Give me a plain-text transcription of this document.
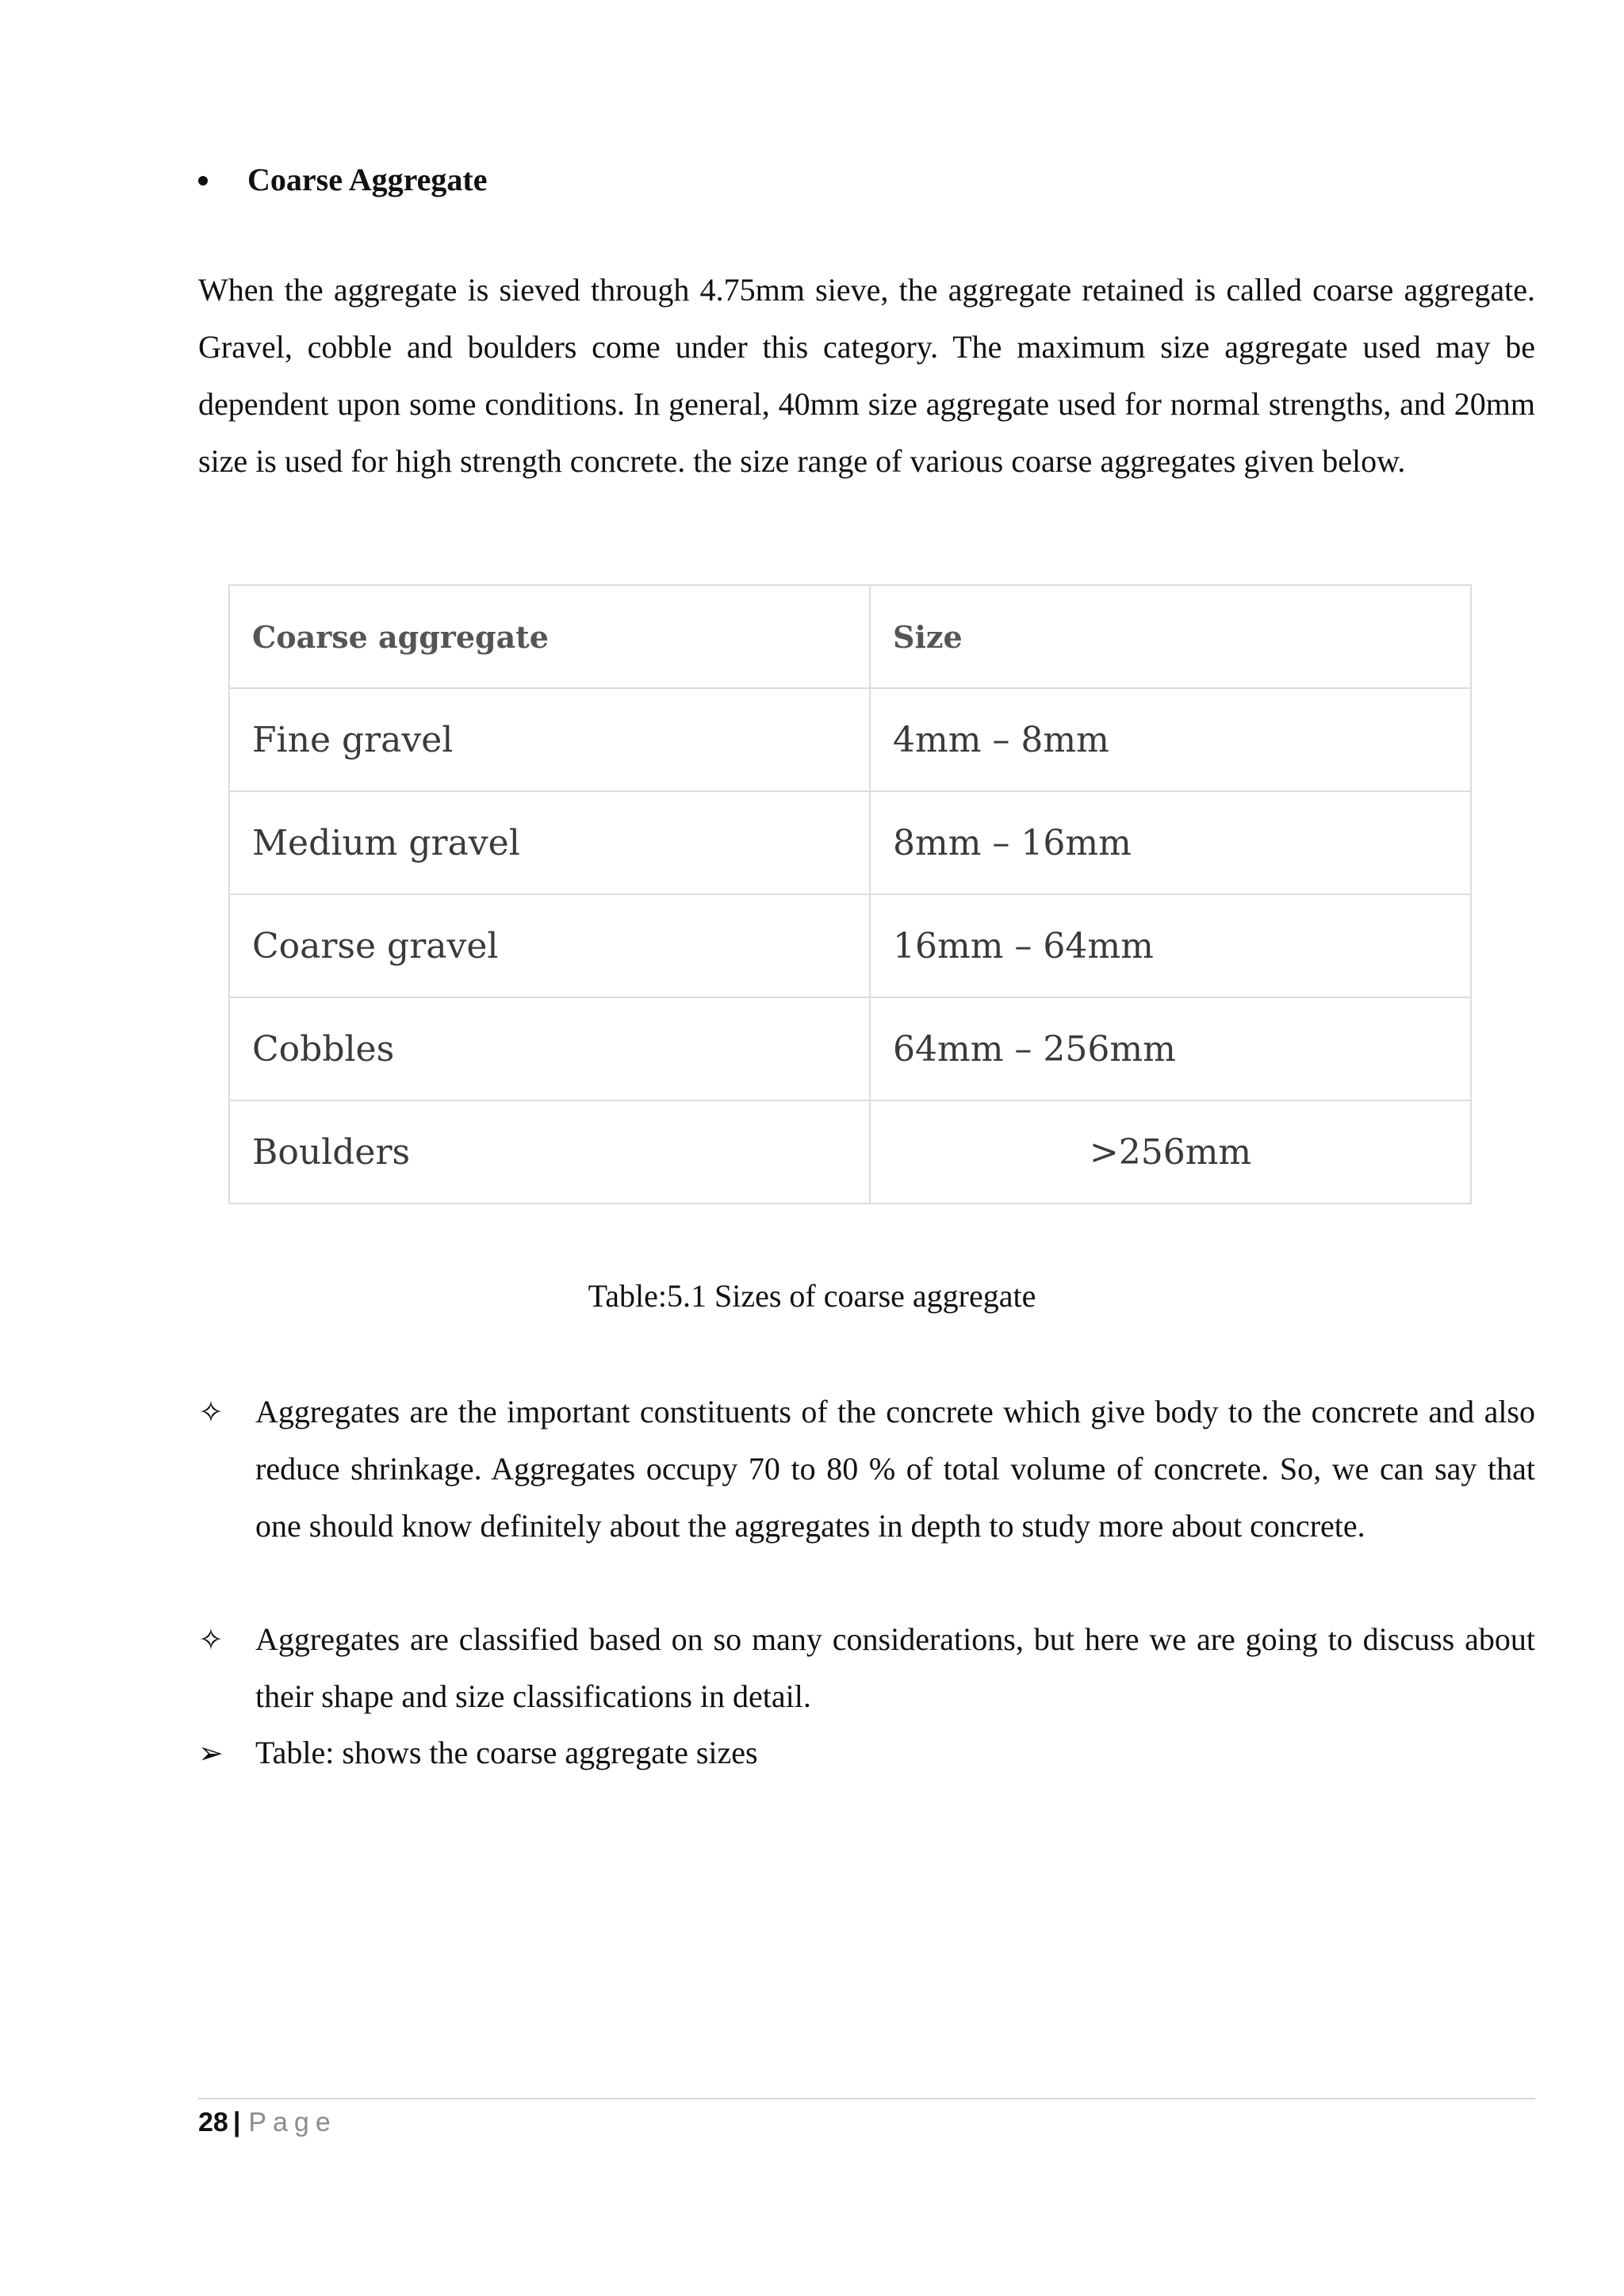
Coarse Aggregate

When the aggregate is sieved through 4.75mm sieve, the aggregate retained is called coarse aggregate. Gravel, cobble and boulders come under this category. The maximum size aggregate used may be dependent upon some conditions. In general, 40mm size aggregate used for normal strengths, and 20mm size is used for high strength concrete. the size range of various coarse aggregates given below.

Coarse aggregate	Size
Fine gravel	4mm – 8mm
Medium gravel	8mm – 16mm
Coarse gravel	16mm – 64mm
Cobbles	64mm – 256mm
Boulders	>256mm
Table:5.1 Sizes of coarse aggregate
✧	Aggregates are the important constituents of the concrete which give body to the concrete and also reduce shrinkage. Aggregates occupy 70 to 80 % of total volume of concrete. So, we can say that one should know definitely about the aggregates in depth to study more about concrete.
✧	Aggregates are classified based on so many considerations, but here we are going to discuss about their shape and size classifications in detail.
➢	Table: shows the coarse aggregate sizes
28 | Page
